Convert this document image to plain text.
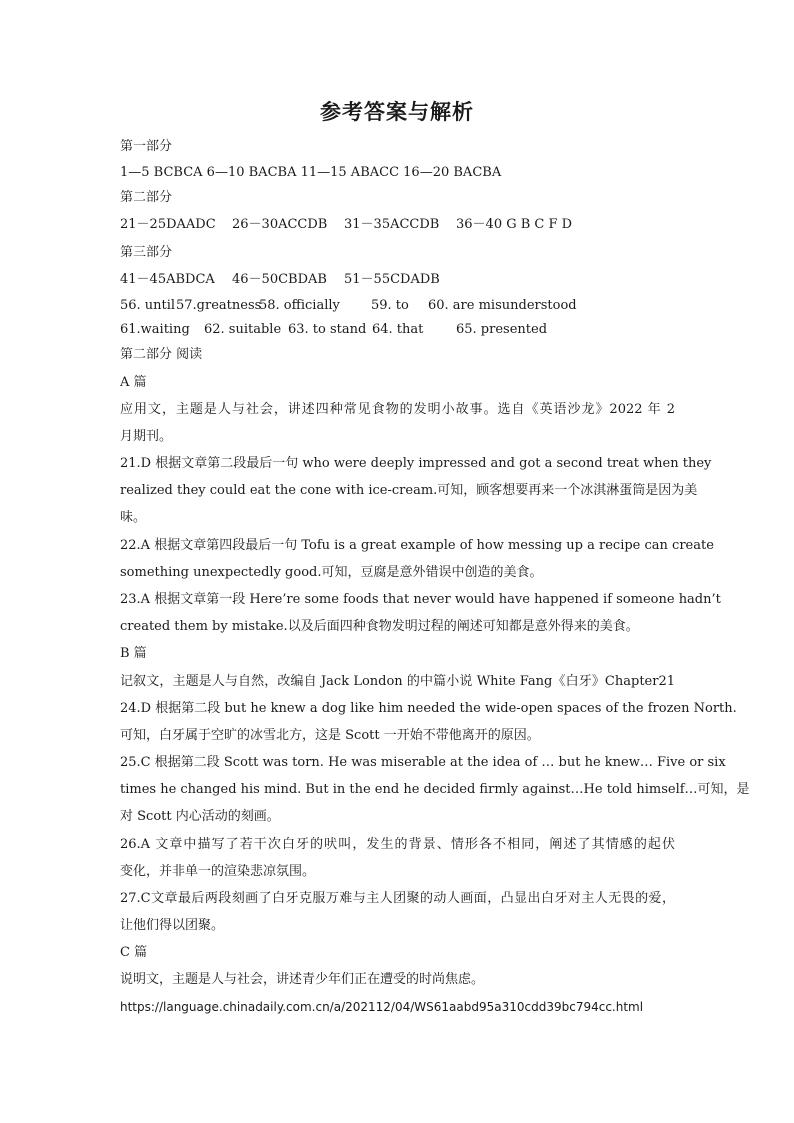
参考答案与解析
第一部分
1—5 BCBCA 6—10 BACBA 11—15 ABACC 16—20 BACBA
第二部分
21－25DAADC 26－30ACCDB 31－35ACCDB 36－40 G B C F D
第三部分
41－45ABDCA 46－50CBDAB 51－55CDADB
56. until 57.greatness
58. officially 59. to 60. are misunderstood
61.waiting 62. suitable 63. to stand 64. that	65. presented
第二部分 阅读
A 篇
应用文，主题是人与社会，讲述四种常见食物的发明小故事。选自《英语沙龙》2022 年 2
月期刊。
21.D 根据文章第二段最后一句 who were deeply impressed and got a second treat when they
realized they could eat the cone with ice-cream.可知，顾客想要再来一个冰淇淋蛋筒是因为美
味。
22.A 根据文章第四段最后一句 Tofu is a great example of how messing up a recipe can create
something unexpectedly good.可知，豆腐是意外错误中创造的美食。
23.A 根据文章第一段 Here’re some foods that never would have happened if someone hadn’t
created them by mistake.以及后面四种食物发明过程的阐述可知都是意外得来的美食。
B 篇
记叙文，主题是人与自然，改编自 Jack London 的中篇小说 White Fang《白牙》Chapter21
24.D 根据第二段 but he knew a dog like him needed the wide-open spaces of the frozen North.
可知，白牙属于空旷的冰雪北方，这是 Scott 一开始不带他离开的原因。
25.C 根据第二段 Scott was torn. He was miserable at the idea of … but he knew… Five or six
times he changed his mind. But in the end he decided firmly against…He told himself…可知，是
对 Scott 内心活动的刻画。
26.A 文章中描写了若干次白牙的吠叫，发生的背景、情形各不相同，阐述了其情感的起伏
变化，并非单一的渲染悲凉氛围。
27.C文章最后两段刻画了白牙克服万难与主人团聚的动人画面，凸显出白牙对主人无畏的爱，
让他们得以团聚。
C 篇
说明文，主题是人与社会，讲述青少年们正在遭受的时尚焦虑。
https://language.chinadaily.com.cn/a/202112/04/WS61aabd95a310cdd39bc794cc.html
